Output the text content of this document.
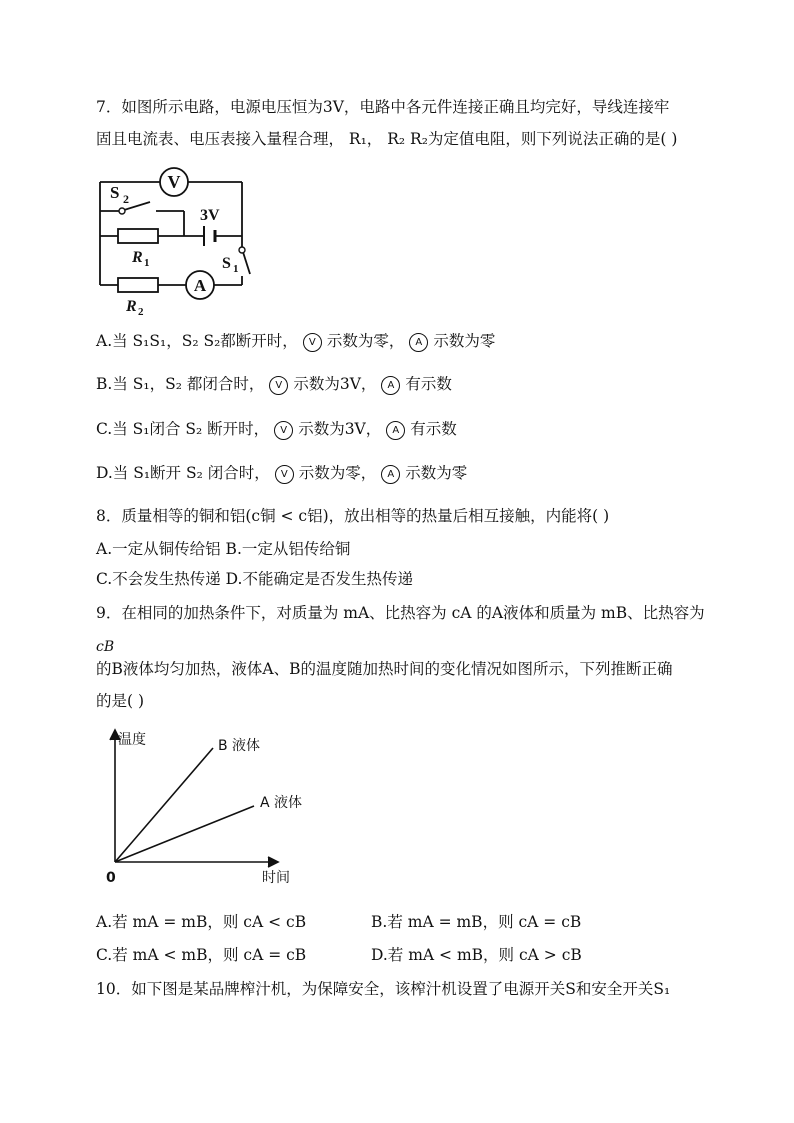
7．如图所示电路，电源电压恒为3V，电路中各元件连接正确且均完好，导线连接牢
固且电流表、电压表接入量程合理， R₁， R₂ R₂为定值电阻，则下列说法正确的是( )
V
A
S 2
3V
R 1	S 1
R 2
A.当 S₁S₁，S₂ S₂都断开时， V 示数为零， A 示数为零
B.当 S₁，S₂ 都闭合时， V 示数为3V， A 有示数
C.当 S₁闭合 S₂ 断开时， V 示数为3V， A 有示数
D.当 S₁断开 S₂ 闭合时， V 示数为零， A 示数为零
8．质量相等的铜和铝(c铜 < c铝)，放出相等的热量后相互接触，内能将( )
A.一定从铜传给铝 B.一定从铝传给铜
C.不会发生热传递 D.不能确定是否发生热传递
9．在相同的加热条件下，对质量为 mA、比热容为 cA 的A液体和质量为 mB、比热容为
cB
的B液体均匀加热，液体A、B的温度随加热时间的变化情况如图所示，下列推断正确
的是( )
温度
0	时间
B 液体
A 液体
A.若 mA = mB，则 cA < cB	B.若 mA = mB，则 cA = cB
C.若 mA < mB，则 cA = cB	D.若 mA < mB，则 cA > cB
10．如下图是某品牌榨汁机，为保障安全，该榨汁机设置了电源开关S和安全开关S₁
